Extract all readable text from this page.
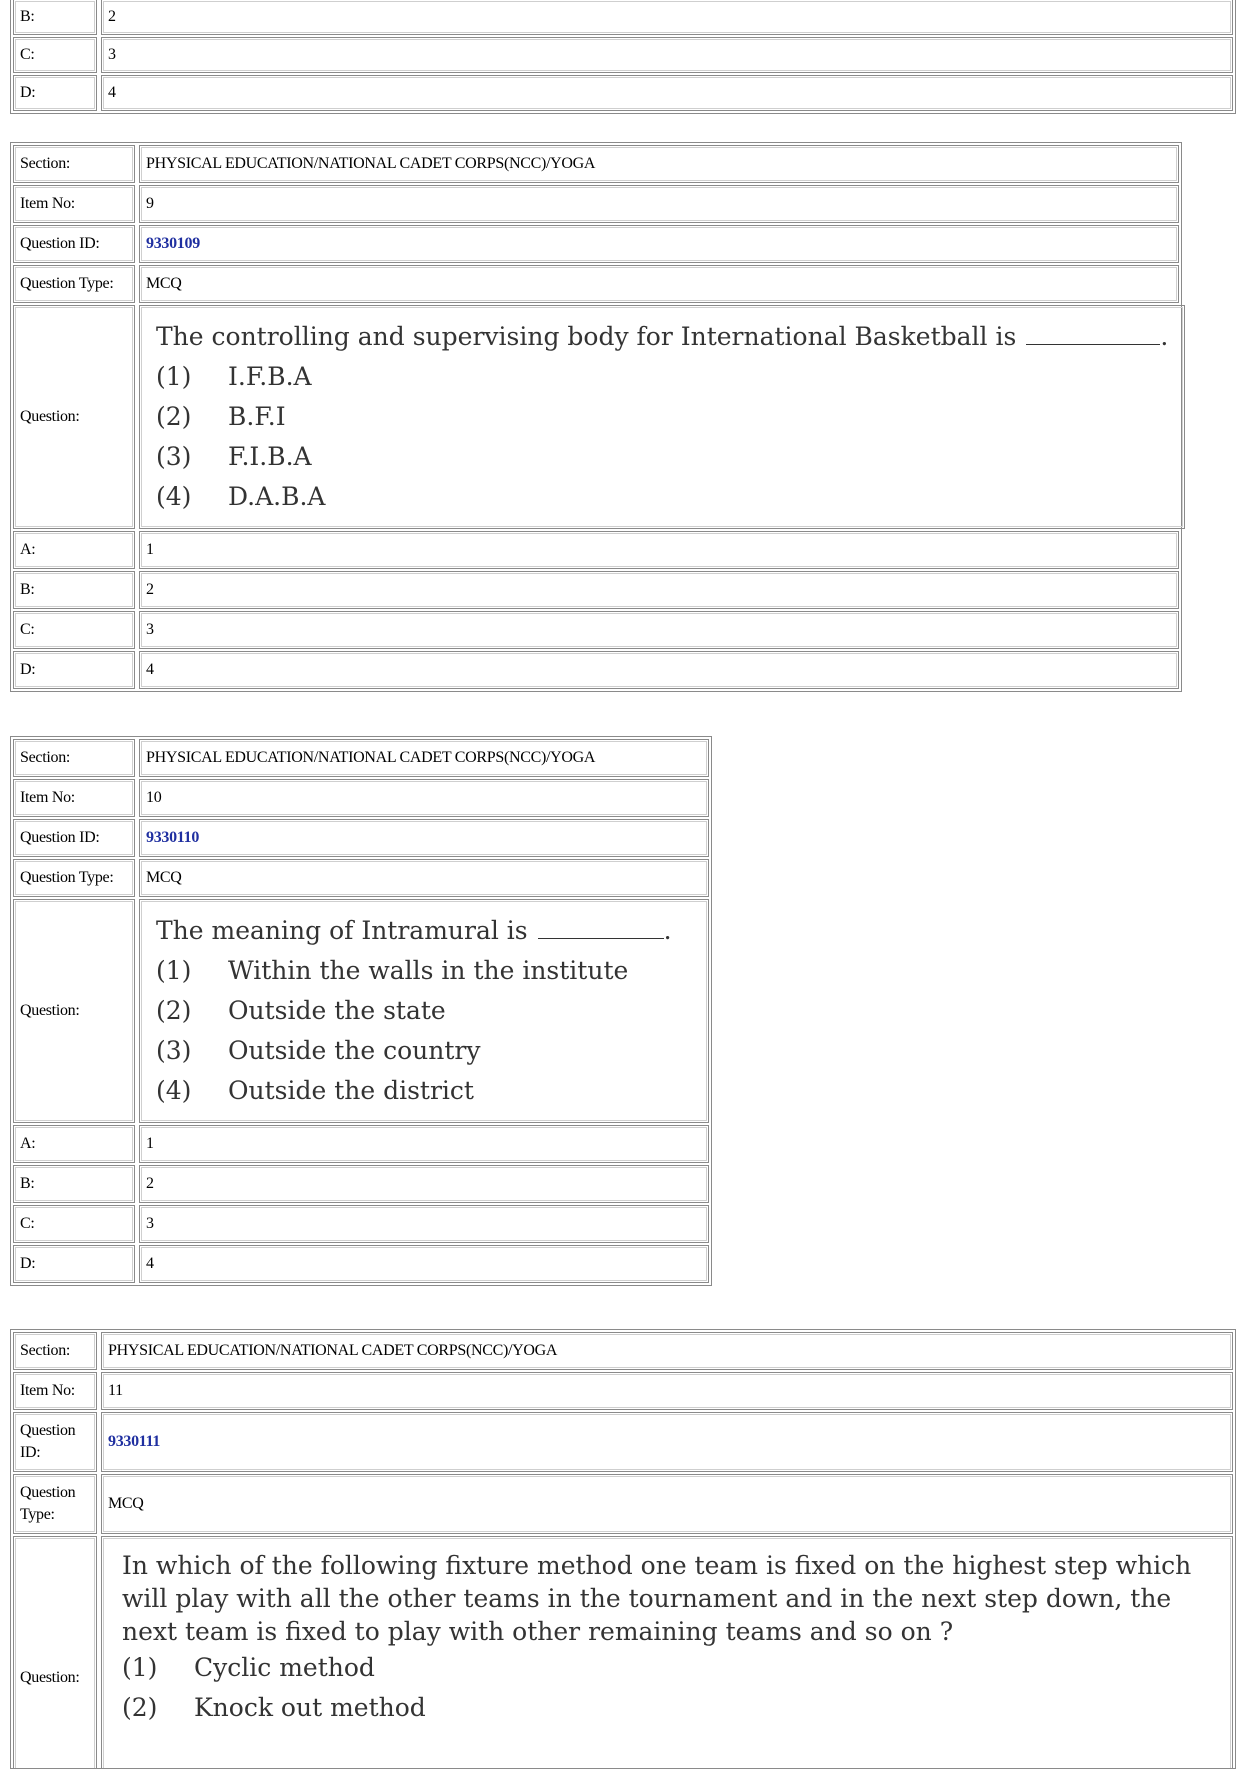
B:	2
C:	3
D:	4
Section:	PHYSICAL EDUCATION/NATIONAL CADET CORPS(NCC)/YOGA
Item No:	9
Question ID:	9330109
Question Type:	MCQ
Question:
The controlling and supervising body for International Basketball is	.
(1)	I.F.B.A
(2)	B.F.I
(3)	F.I.B.A
(4)	D.A.B.A
A:	1
B:	2
C:	3
D:	4
Section:	PHYSICAL EDUCATION/NATIONAL CADET CORPS(NCC)/YOGA
Item No:	10
Question ID:	9330110
Question Type:	MCQ
Question:
The meaning of Intramural is	.
(1)	Within the walls in the institute
(2)	Outside the state
(3)	Outside the country
(4)	Outside the district
A:	1
B:	2
C:	3
D:	4
Section:	PHYSICAL EDUCATION/NATIONAL CADET CORPS(NCC)/YOGA
Item No:	11
Question
ID:
9330111
Question
Type:
MCQ
Question:
In which of the following fixture method one team is fixed on the highest step which will play with all the other teams in the tournament and in the next step down, the next team is fixed to play with other remaining teams and so on ?
(1)	Cyclic method
(2)	Knock out method
